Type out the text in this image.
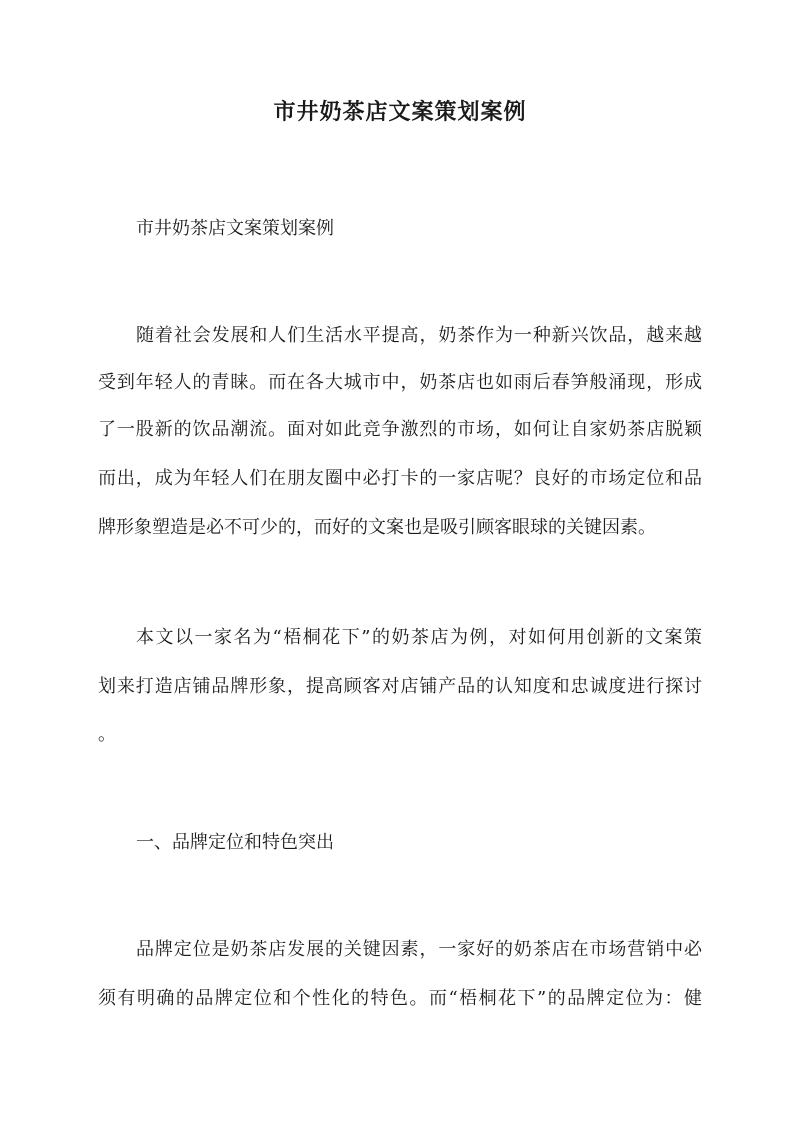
市井奶茶店文案策划案例
市井奶茶店文案策划案例
随着社会发展和人们生活水平提高，奶茶作为一种新兴饮品，越来越
受到年轻人的青睐。而在各大城市中，奶茶店也如雨后春笋般涌现，形成
了一股新的饮品潮流。面对如此竞争激烈的市场，如何让自家奶茶店脱颖
而出，成为年轻人们在朋友圈中必打卡的一家店呢？良好的市场定位和品
牌形象塑造是必不可少的，而好的文案也是吸引顾客眼球的关键因素。
本文以一家名为“梧桐花下”的奶茶店为例，对如何用创新的文案策
划来打造店铺品牌形象，提高顾客对店铺产品的认知度和忠诚度进行探讨
。
一、品牌定位和特色突出
品牌定位是奶茶店发展的关键因素，一家好的奶茶店在市场营销中必
须有明确的品牌定位和个性化的特色。而“梧桐花下”的品牌定位为：健
